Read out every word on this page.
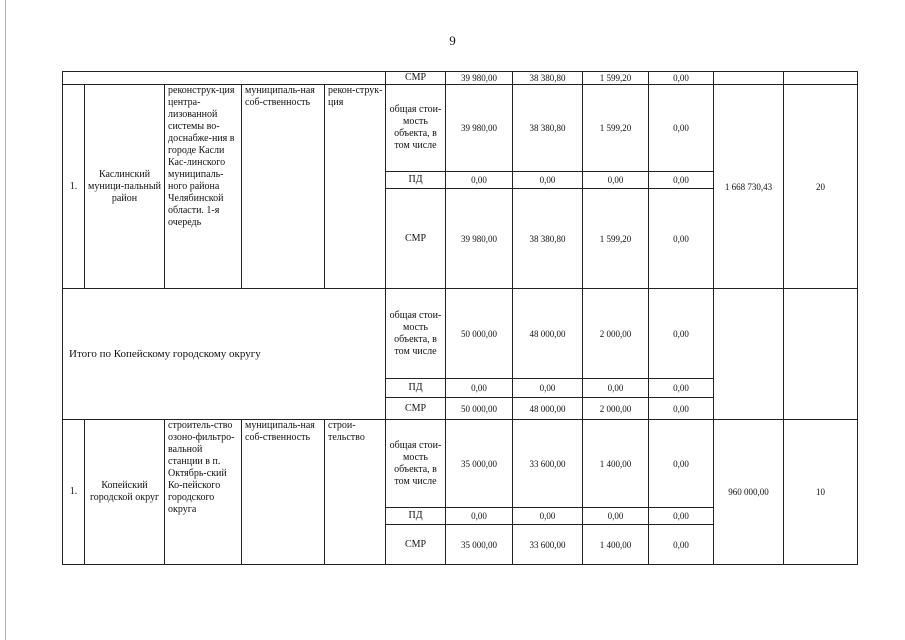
9
					СМР	39 980,00	38 380,80	1 599,20	0,00		
1.	Каслинский муници-пальный район	реконструк-ция центра-лизованной системы во-доснабже-ния в городе Касли Кас-линского муниципаль-ного района Челябинской области. 1-я очередь	муниципаль-ная соб-ственность	рекон-струк-ция	общая стои-мость объекта, в том числе	39 980,00	38 380,80	1 599,20	0,00	1 668 730,43	20
					ПД	0,00	0,00	0,00	0,00		
					СМР	39 980,00	38 380,80	1 599,20	0,00		
Итого по Копейскому городскому округу					общая стои-мость объекта, в том числе	50 000,00	48 000,00	2 000,00	0,00		
					ПД	0,00	0,00	0,00	0,00		
					СМР	50 000,00	48 000,00	2 000,00	0,00		
1.	Копейский городской округ	строитель-ство озоно-фильтро-вальной станции в п. Октябрь-ский Ко-пейского городского округа	муниципаль-ная соб-ственность	строи-тельство	общая стои-мость объекта, в том числе	35 000,00	33 600,00	1 400,00	0,00	960 000,00	10
					ПД	0,00	0,00	0,00	0,00		
					СМР	35 000,00	33 600,00	1 400,00	0,00		
